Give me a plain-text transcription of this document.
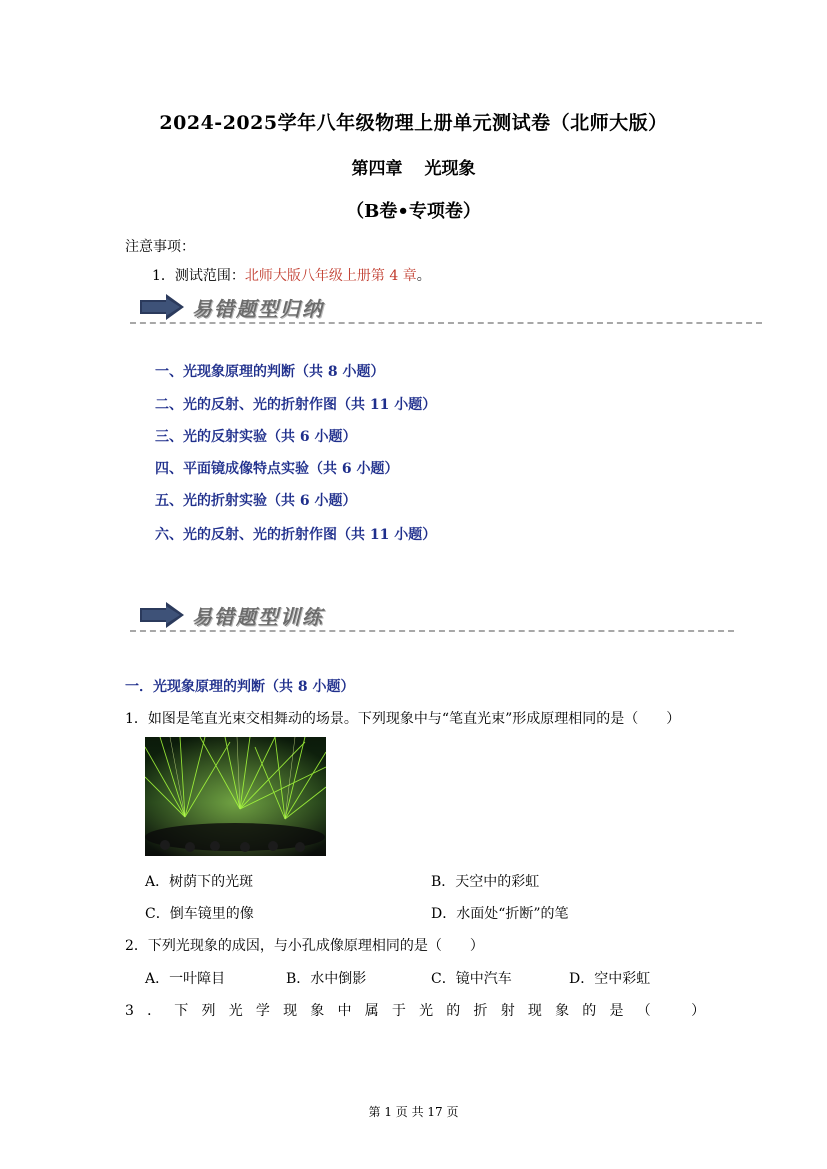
2024-2025学年八年级物理上册单元测试卷（北师大版）
第四章 光现象
（B卷•专项卷）
注意事项：
1．测试范围：北师大版八年级上册第 4 章。
易错题型归纳
一、光现象原理的判断（共 8 小题）
二、光的反射、光的折射作图（共 11 小题）
三、光的反射实验（共 6 小题）
四、平面镜成像特点实验（共 6 小题）
五、光的折射实验（共 6 小题）
六、光的反射、光的折射作图（共 11 小题）
易错题型训练
一．光现象原理的判断（共 8 小题）
1．如图是笔直光束交相舞动的场景。下列现象中与“笔直光束”形成原理相同的是（　　）
A．树荫下的光斑	B．天空中的彩虹
C．倒车镜里的像	D．水面处“折断”的笔
2．下列光现象的成因，与小孔成像原理相同的是（　　）
A．一叶障目	B．水中倒影	C．镜中汽车	D．空中彩虹
3．下列光学现象中属于光的折射现象的是（　）
第 1 页 共 17 页
